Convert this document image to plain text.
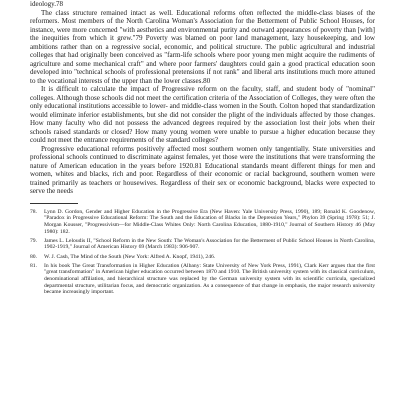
ideology.78

The class structure remained intact as well. Educational reforms often reflected the middle-class biases of the reformers. Most members of the North Carolina Woman's Association for the Betterment of Public School Houses, for instance, were more concerned "with aesthetics and environmental purity and outward appearances of poverty than [with] the inequities from which it grew."79 Poverty was blamed on poor land management, lazy housekeeping, and low ambitions rather than on a regressive social, economic, and political structure. The public agricultural and industrial colleges that had originally been conceived as "farm-life schools where poor young men might acquire the rudiments of agriculture and some mechanical craft" and where poor farmers' daughters could gain a good practical education soon developed into "technical schools of professional pretensions if not rank" and liberal arts institutions much more attuned to the vocational interests of the upper than the lower classes.80

It is difficult to calculate the impact of Progressive reform on the faculty, staff, and student body of "nominal" colleges. Although those schools did not meet the certification criteria of the Association of Colleges, they were often the only educational institutions accessible to lower- and middle-class women in the South. Colton hoped that standardization would eliminate inferior establishments, but she did not consider the plight of the individuals affected by those changes. How many faculty who did not possess the advanced degrees required by the association lost their jobs when their schools raised standards or closed? How many young women were unable to pursue a higher education because they could not meet the entrance requirements of the standard colleges?

Progressive educational reforms positively affected most southern women only tangentially. State universities and professional schools continued to discriminate against females, yet those were the institutions that were transforming the nature of American education in the years before 1920.81 Educational standards meant different things for men and women, whites and blacks, rich and poor. Regardless of their economic or racial background, southern women were trained primarily as teachers or housewives. Regardless of their sex or economic background, blacks were expected to serve the needs

78. Lynn D. Gordon, Gender and Higher Education in the Progressive Era (New Haven: Yale University Press, 1990), 189; Ronald K. Goodenow, "Paradox in Progressive Educational Reform: The South and the Education of Blacks in the Depression Years," Phylon 39 (Spring 1978): 51; J. Morgan Kousser, "Progressivism—for Middle-Class Whites Only: North Carolina Education, 1880-1910," Journal of Southern History 46 (May 1980): 182.

79. James L. Leloudis II, "School Reform in the New South: The Woman's Association for the Betterment of Public School Houses in North Carolina, 1902-1919," Journal of American History 69 (March 1983): 906-907.

80. W. J. Cash, The Mind of the South (New York: Alfred A. Knopf, 1941), 246.

81. In his book The Great Transformation in Higher Education (Albany: State University of New York Press, 1991), Clark Kerr argues that the first "great transformation" in American higher education occurred between 1870 and 1910. The British university system with its classical curriculum, denominational affiliation, and hierarchical structure was replaced by the German university system with its scientific curricula, specialized departmental structure, utilitarian focus, and democratic organization. As a consequence of that change in emphasis, the major research university became increasingly important.
